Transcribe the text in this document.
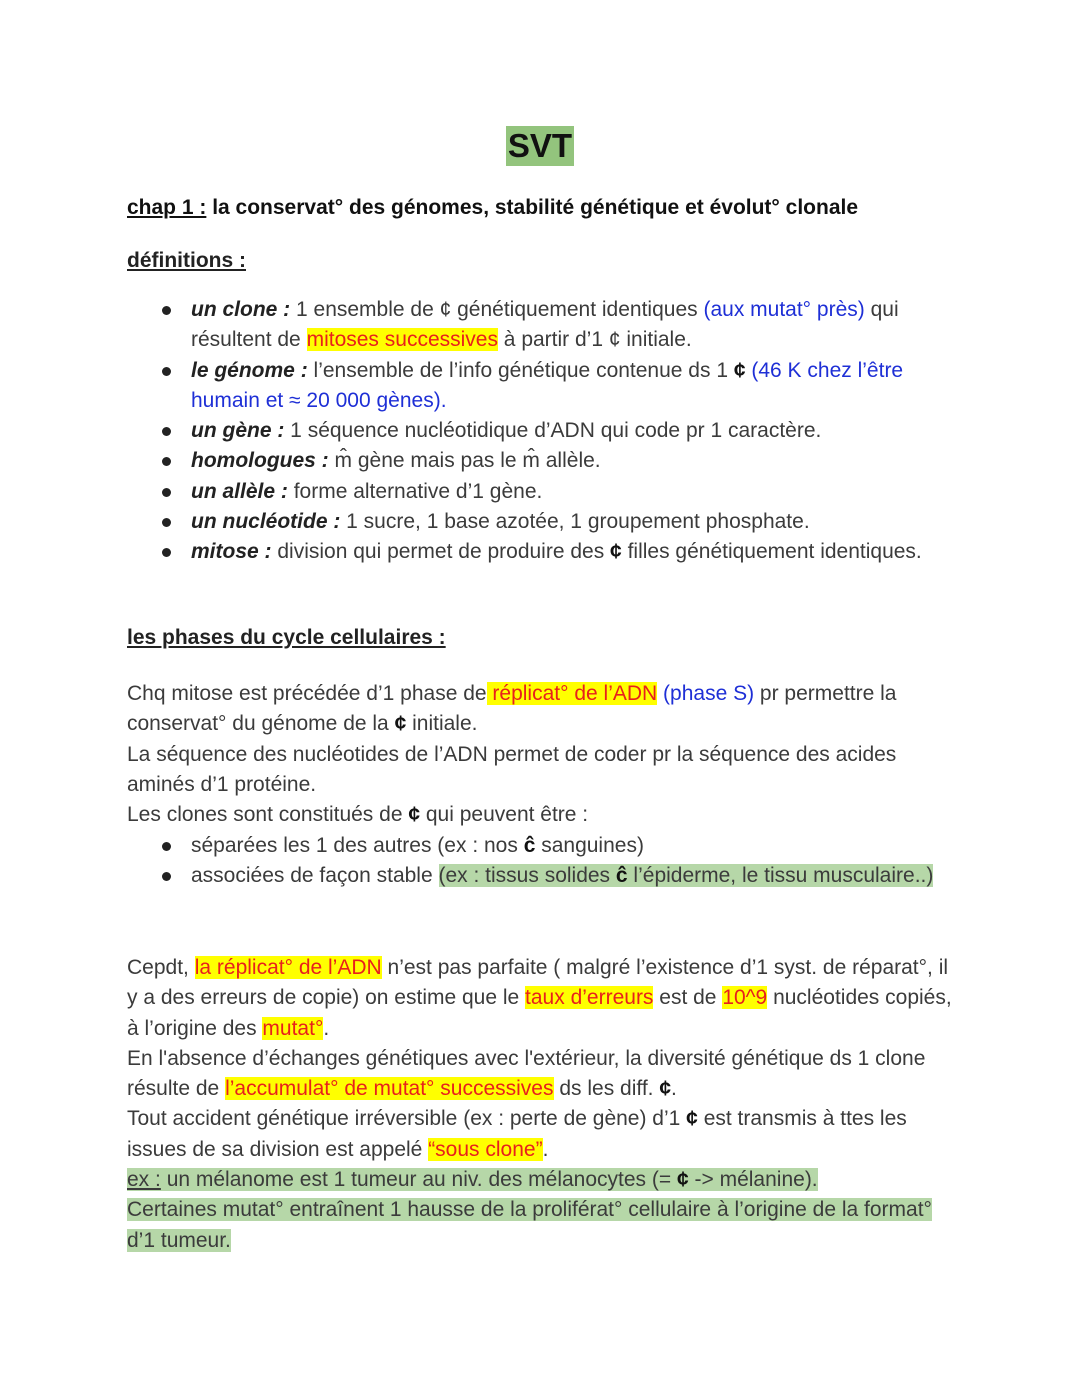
SVT
chap 1 : la conservat° des génomes, stabilité génétique et évolut° clonale
définitions :
un clone : 1 ensemble de ¢ génétiquement identiques (aux mutat° près) qui résultent de mitoses successives à partir d’1 ¢ initiale.
le génome : l’ensemble de l’info génétique contenue ds 1 ¢ (46 K chez l’être humain et ≈ 20 000 gènes).
un gène : 1 séquence nucléotidique d’ADN qui code pr 1 caractère.
homologues : m̂ gène mais pas le m̂ allèle.
un allèle : forme alternative d’1 gène.
un nucléotide : 1 sucre, 1 base azotée, 1 groupement phosphate.
mitose : division qui permet de produire des ¢ filles génétiquement identiques.
les phases du cycle cellulaires :
Chq mitose est précédée d’1 phase de réplicat° de l’ADN (phase S) pr permettre la conservat° du génome de la ¢ initiale.
La séquence des nucléotides de l’ADN permet de coder pr la séquence des acides aminés d’1 protéine.
Les clones sont constitués de ¢ qui peuvent être :
séparées les 1 des autres (ex : nos ĉ sanguines)
associées de façon stable (ex : tissus solides ĉ l’épiderme, le tissu musculaire..)
Cepdt, la réplicat° de l’ADN n’est pas parfaite ( malgré l’existence d’1 syst. de réparat°, il y a des erreurs de copie) on estime que le taux d’erreurs est de 10^9 nucléotides copiés, à l’origine des mutat°.
En l'absence d’échanges génétiques avec l'extérieur, la diversité génétique ds 1 clone résulte de l’accumulat° de mutat° successives ds les diff. ¢.
Tout accident génétique irréversible (ex : perte de gène) d’1 ¢ est transmis à ttes les issues de sa division est appelé “sous clone”.
ex : un mélanome est 1 tumeur au niv. des mélanocytes (= ¢ -> mélanine).
Certaines mutat° entraînent 1 hausse de la proliférat° cellulaire à l’origine de la format° d’1 tumeur.
